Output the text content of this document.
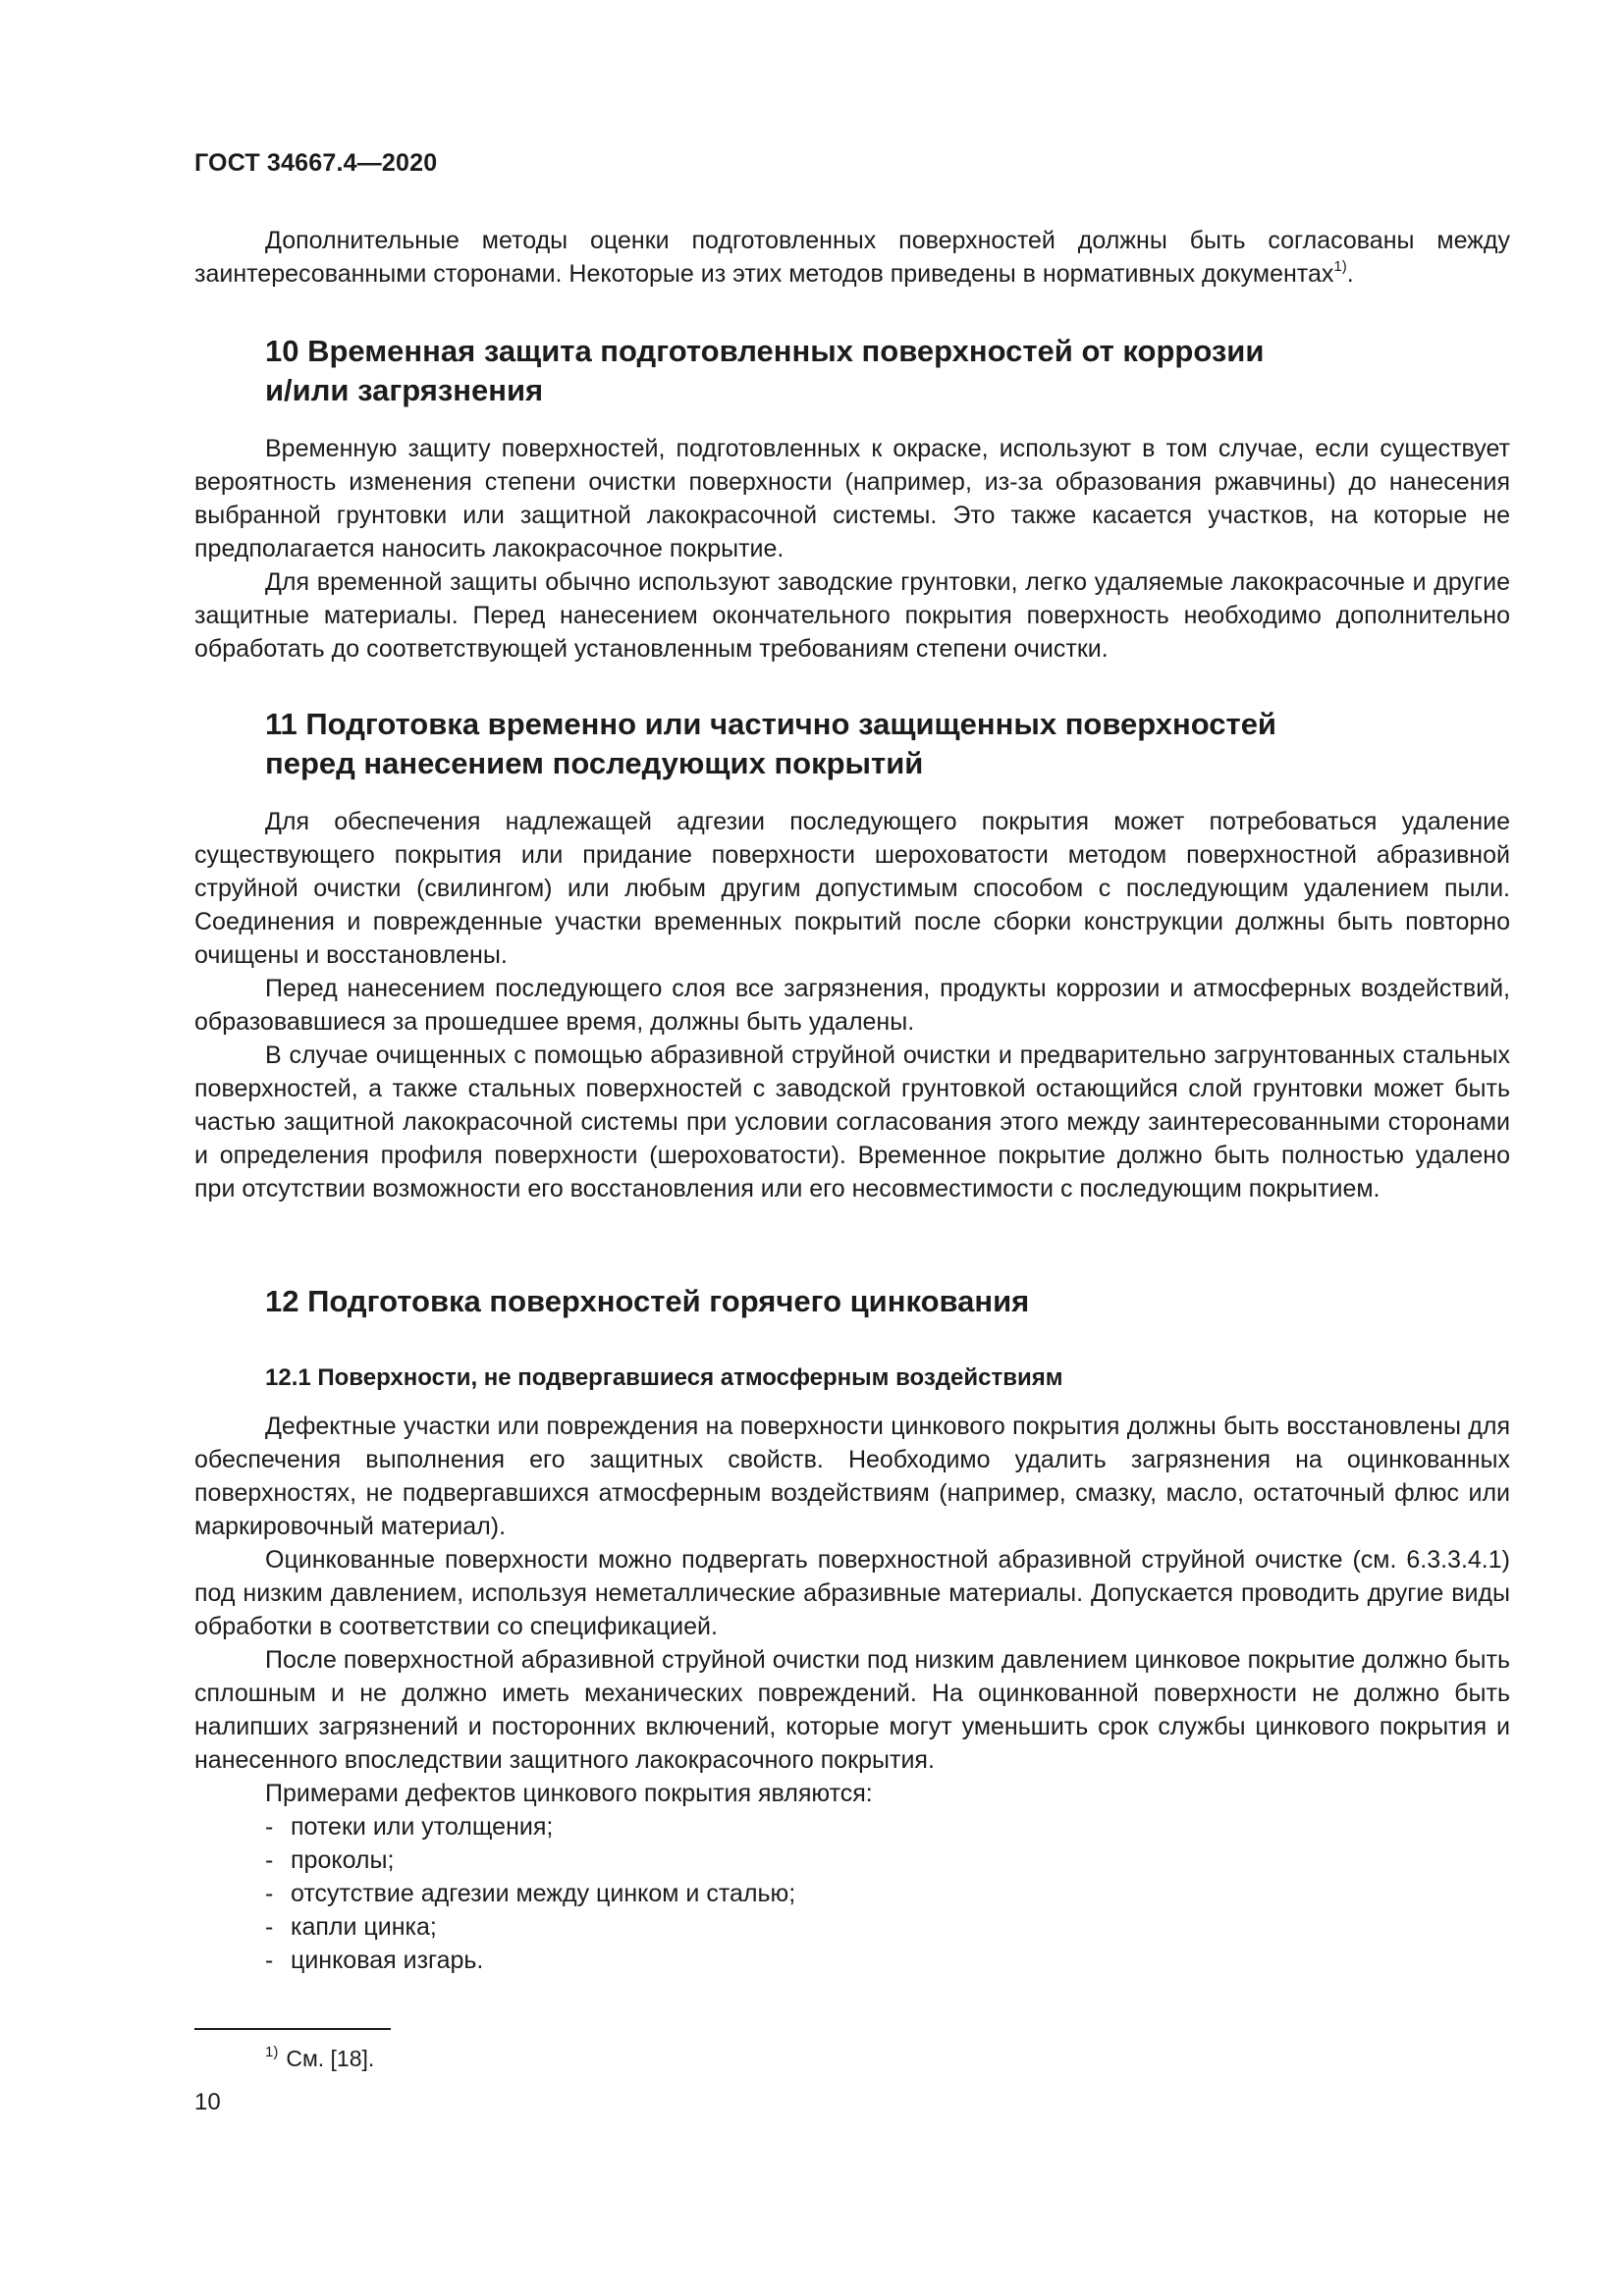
ГОСТ 34667.4—2020

Дополнительные методы оценки подготовленных поверхностей должны быть согласованы между заинтересованными сторонами. Некоторые из этих методов приведены в нормативных документах$^{1)}$.

10 Временная защита подготовленных поверхностей от коррозии
и/или загрязнения

Временную защиту поверхностей, подготовленных к окраске, используют в том случае, если существует вероятность изменения степени очистки поверхности (например, из-за образования ржавчины) до нанесения выбранной грунтовки или защитной лакокрасочной системы. Это также касается участков, на которые не предполагается наносить лакокрасочное покрытие.

Для временной защиты обычно используют заводские грунтовки, легко удаляемые лакокрасочные и другие защитные материалы. Перед нанесением окончательного покрытия поверхность необходимо дополнительно обработать до соответствующей установленным требованиям степени очистки.

11 Подготовка временно или частично защищенных поверхностей
перед нанесением последующих покрытий

Для обеспечения надлежащей адгезии последующего покрытия может потребоваться удаление существующего покрытия или придание поверхности шероховатости методом поверхностной абразивной струйной очистки (свилингом) или любым другим допустимым способом с последующим удалением пыли. Соединения и поврежденные участки временных покрытий после сборки конструкции должны быть повторно очищены и восстановлены.

Перед нанесением последующего слоя все загрязнения, продукты коррозии и атмосферных воздействий, образовавшиеся за прошедшее время, должны быть удалены.

В случае очищенных с помощью абразивной струйной очистки и предварительно загрунтованных стальных поверхностей, а также стальных поверхностей с заводской грунтовкой остающийся слой грунтовки может быть частью защитной лакокрасочной системы при условии согласования этого между заинтересованными сторонами и определения профиля поверхности (шероховатости). Временное покрытие должно быть полностью удалено при отсутствии возможности его восстановления или его несовместимости с последующим покрытием.

12 Подготовка поверхностей горячего цинкования
12.1 Поверхности, не подвергавшиеся атмосферным воздействиям

Дефектные участки или повреждения на поверхности цинкового покрытия должны быть восстановлены для обеспечения выполнения его защитных свойств. Необходимо удалить загрязнения на оцинкованных поверхностях, не подвергавшихся атмосферным воздействиям (например, смазку, масло, остаточный флюс или маркировочный материал).

Оцинкованные поверхности можно подвергать поверхностной абразивной струйной очистке (см. 6.3.3.4.1) под низким давлением, используя неметаллические абразивные материалы. Допускается проводить другие виды обработки в соответствии со спецификацией.

После поверхностной абразивной струйной очистки под низким давлением цинковое покрытие должно быть сплошным и не должно иметь механических повреждений. На оцинкованной поверхности не должно быть налипших загрязнений и посторонних включений, которые могут уменьшить срок службы цинкового покрытия и нанесенного впоследствии защитного лакокрасочного покрытия.

Примерами дефектов цинкового покрытия являются:

- потеки или утолщения;
- проколы;
- отсутствие адгезии между цинком и сталью;
- капли цинка;
- цинковая изгарь.
$^{1)}$ См. [18].
10
